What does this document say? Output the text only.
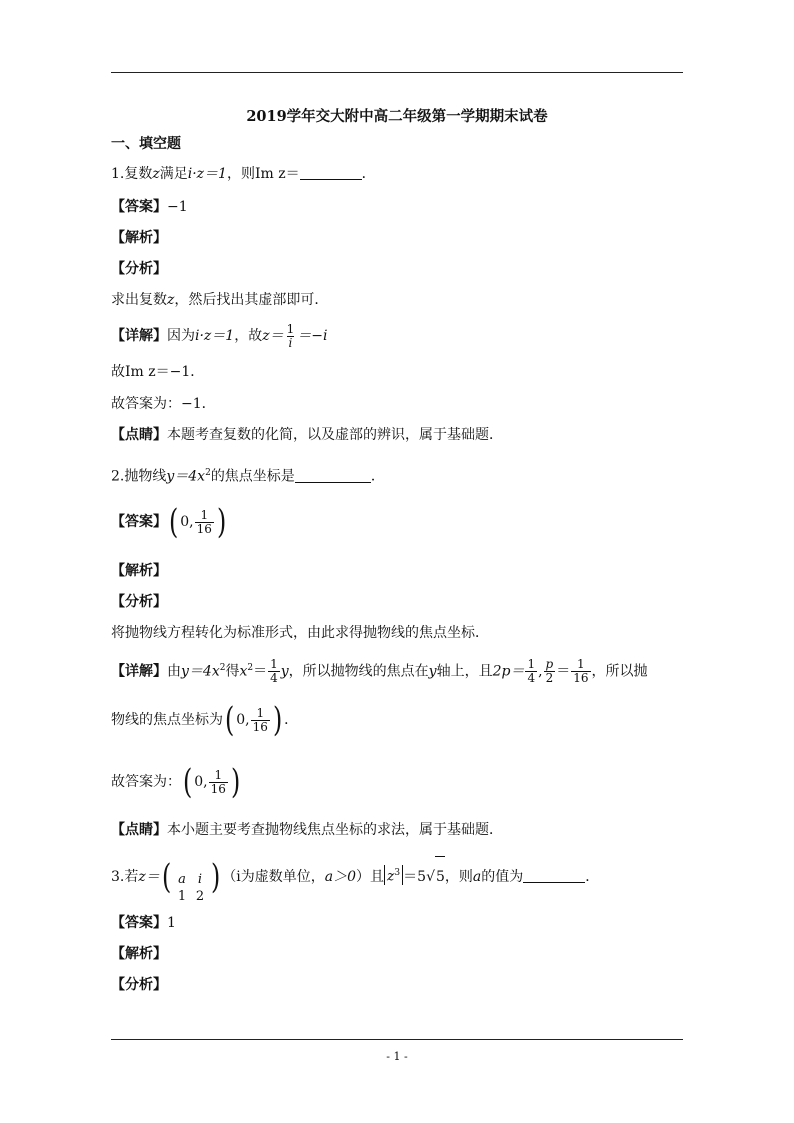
2019学年交大附中高二年级第一学期期末试卷
一、填空题
1.复数z满足i·z＝1，则Im z＝	．
【答案】−1
【解析】
【分析】
求出复数z，然后找出其虚部即可．
【详解】因为i·z＝1，故$z= \frac{1}{i} =-i$
故Im z＝−1．
故答案为：−1．
【点睛】本题考查复数的化简，以及虚部的辨识，属于基础题．
2.抛物线$y=4x^2$的焦点坐标是	．
【答案】 ( 0, $\frac{1}{16}$ )
【解析】
【分析】
将抛物线方程转化为标准形式，由此求得抛物线的焦点坐标．
【详解】由$y=4x^2$得$x^2= \frac{1}{4}$ y，所以抛物线的焦点在y轴上，且$2p= \frac{1}{4}$ , $\frac{p}{2} = \frac{1}{16}$ ，所以抛
物线的焦点坐标为 ( 0, $\frac{1}{16}$ ) ．
故答案为： ( 0, $\frac{1}{16}$ )
【点睛】本小题主要考查抛物线焦点坐标的求法，属于基础题．
3.若z＝ ( a i
1 2 ) （i为虚数单位，a＞0）且 $z^3 =5√5$，则a的值为	．
【答案】1
【解析】
【分析】
- 1 -
